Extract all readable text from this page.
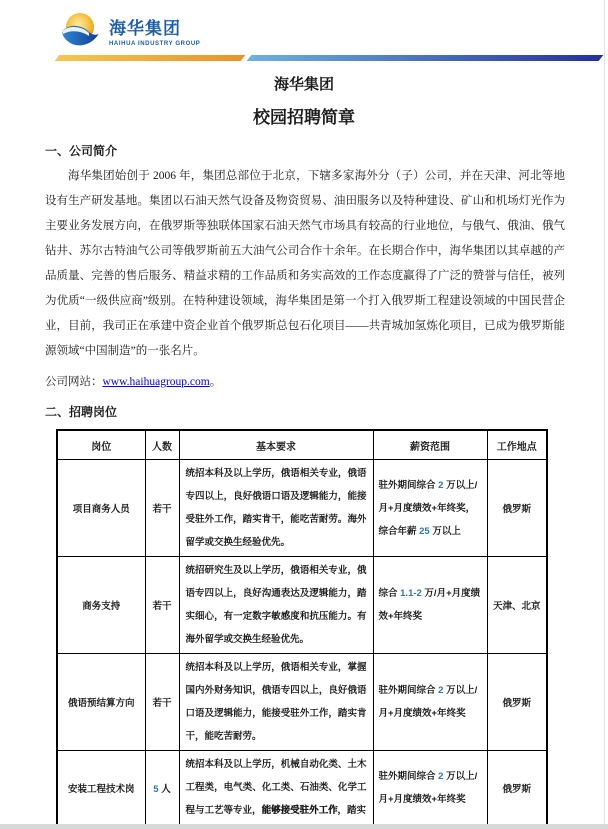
海华集团
HAIHUA INDUSTRY GROUP
海华集团
校园招聘简章
一、公司简介

海华集团始创于 2006 年，集团总部位于北京，下辖多家海外分（子）公司，并在天津、河北等地设有生产研发基地。集团以石油天然气设备及物资贸易、油田服务以及特种建设、矿山和机场灯光作为主要业务发展方向，在俄罗斯等独联体国家石油天然气市场具有较高的行业地位，与俄气、俄油、俄气钻井、苏尔古特油气公司等俄罗斯前五大油气公司合作十余年。在长期合作中，海华集团以其卓越的产品质量、完善的售后服务、精益求精的工作品质和务实高效的工作态度赢得了广泛的赞誉与信任，被列为优质“一级供应商”级别。在特种建设领域，海华集团是第一个打入俄罗斯工程建设领域的中国民营企业，目前，我司正在承建中资企业首个俄罗斯总包石化项目——共青城加氢炼化项目，已成为俄罗斯能源领域“中国制造”的一张名片。

公司网站：www.haihuagroup.com。

二、招聘岗位
岗位	人数	基本要求	薪资范围	工作地点
项目商务人员	若干	统招本科及以上学历，俄语相关专业，俄语专四以上，良好俄语口语及逻辑能力，能接受驻外工作，踏实肯干，能吃苦耐劳。海外留学或交换生经验优先。	驻外期间综合 2 万以上/月+月度绩效+年终奖，综合年薪 25 万以上	俄罗斯
商务支持	若干	统招研究生及以上学历，俄语相关专业，俄语专四以上，良好沟通表达及逻辑能力，踏实细心，有一定数字敏感度和抗压能力。有海外留学或交换生经验优先。	综合 1.1-2 万/月+月度绩效+年终奖	天津、北京
俄语预结算方向	若干	统招本科及以上学历，俄语相关专业，掌握国内外财务知识，俄语专四以上，良好俄语口语及逻辑能力，能接受驻外工作，踏实肯干，能吃苦耐劳。	驻外期间综合 2 万以上/月+月度绩效+年终奖	俄罗斯
安装工程技术岗	5 人	统招本科及以上学历，机械自动化类、土木工程类，电气类、化工类、石油类、化学工程与工艺等专业，能够接受驻外工作，踏实	驻外期间综合 2 万以上/月+月度绩效+年终奖	俄罗斯
